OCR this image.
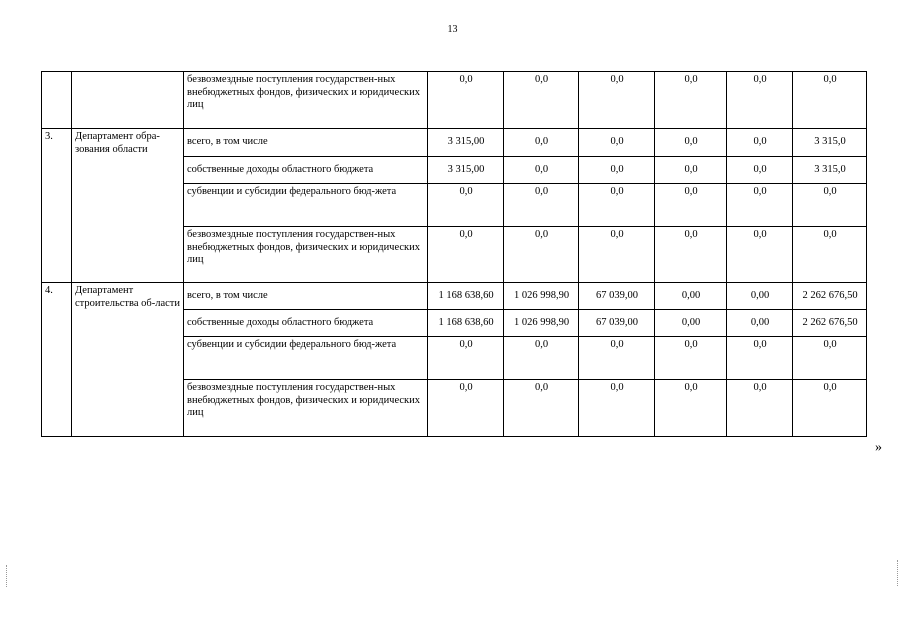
13
		безвозмездные поступления государствен-ных внебюджетных фондов, физических и юридических лиц	0,0	0,0	0,0	0,0	0,0	0,0
3.	Департамент обра-зования области	всего, в том числе	3 315,00	0,0	0,0	0,0	0,0	3 315,0
		собственные доходы областного бюджета	3 315,00	0,0	0,0	0,0	0,0	3 315,0
		субвенции и субсидии федерального бюд-жета	0,0	0,0	0,0	0,0	0,0	0,0
		безвозмездные поступления государствен-ных внебюджетных фондов, физических и юридических лиц	0,0	0,0	0,0	0,0	0,0	0,0
4.	Департамент строительства об-ласти	всего, в том числе	1 168 638,60	1 026 998,90	67 039,00	0,00	0,00	2 262 676,50
		собственные доходы областного бюджета	1 168 638,60	1 026 998,90	67 039,00	0,00	0,00	2 262 676,50
		субвенции и субсидии федерального бюд-жета	0,0	0,0	0,0	0,0	0,0	0,0
		безвозмездные поступления государствен-ных внебюджетных фондов, физических и юридических лиц	0,0	0,0	0,0	0,0	0,0	0,0
»
